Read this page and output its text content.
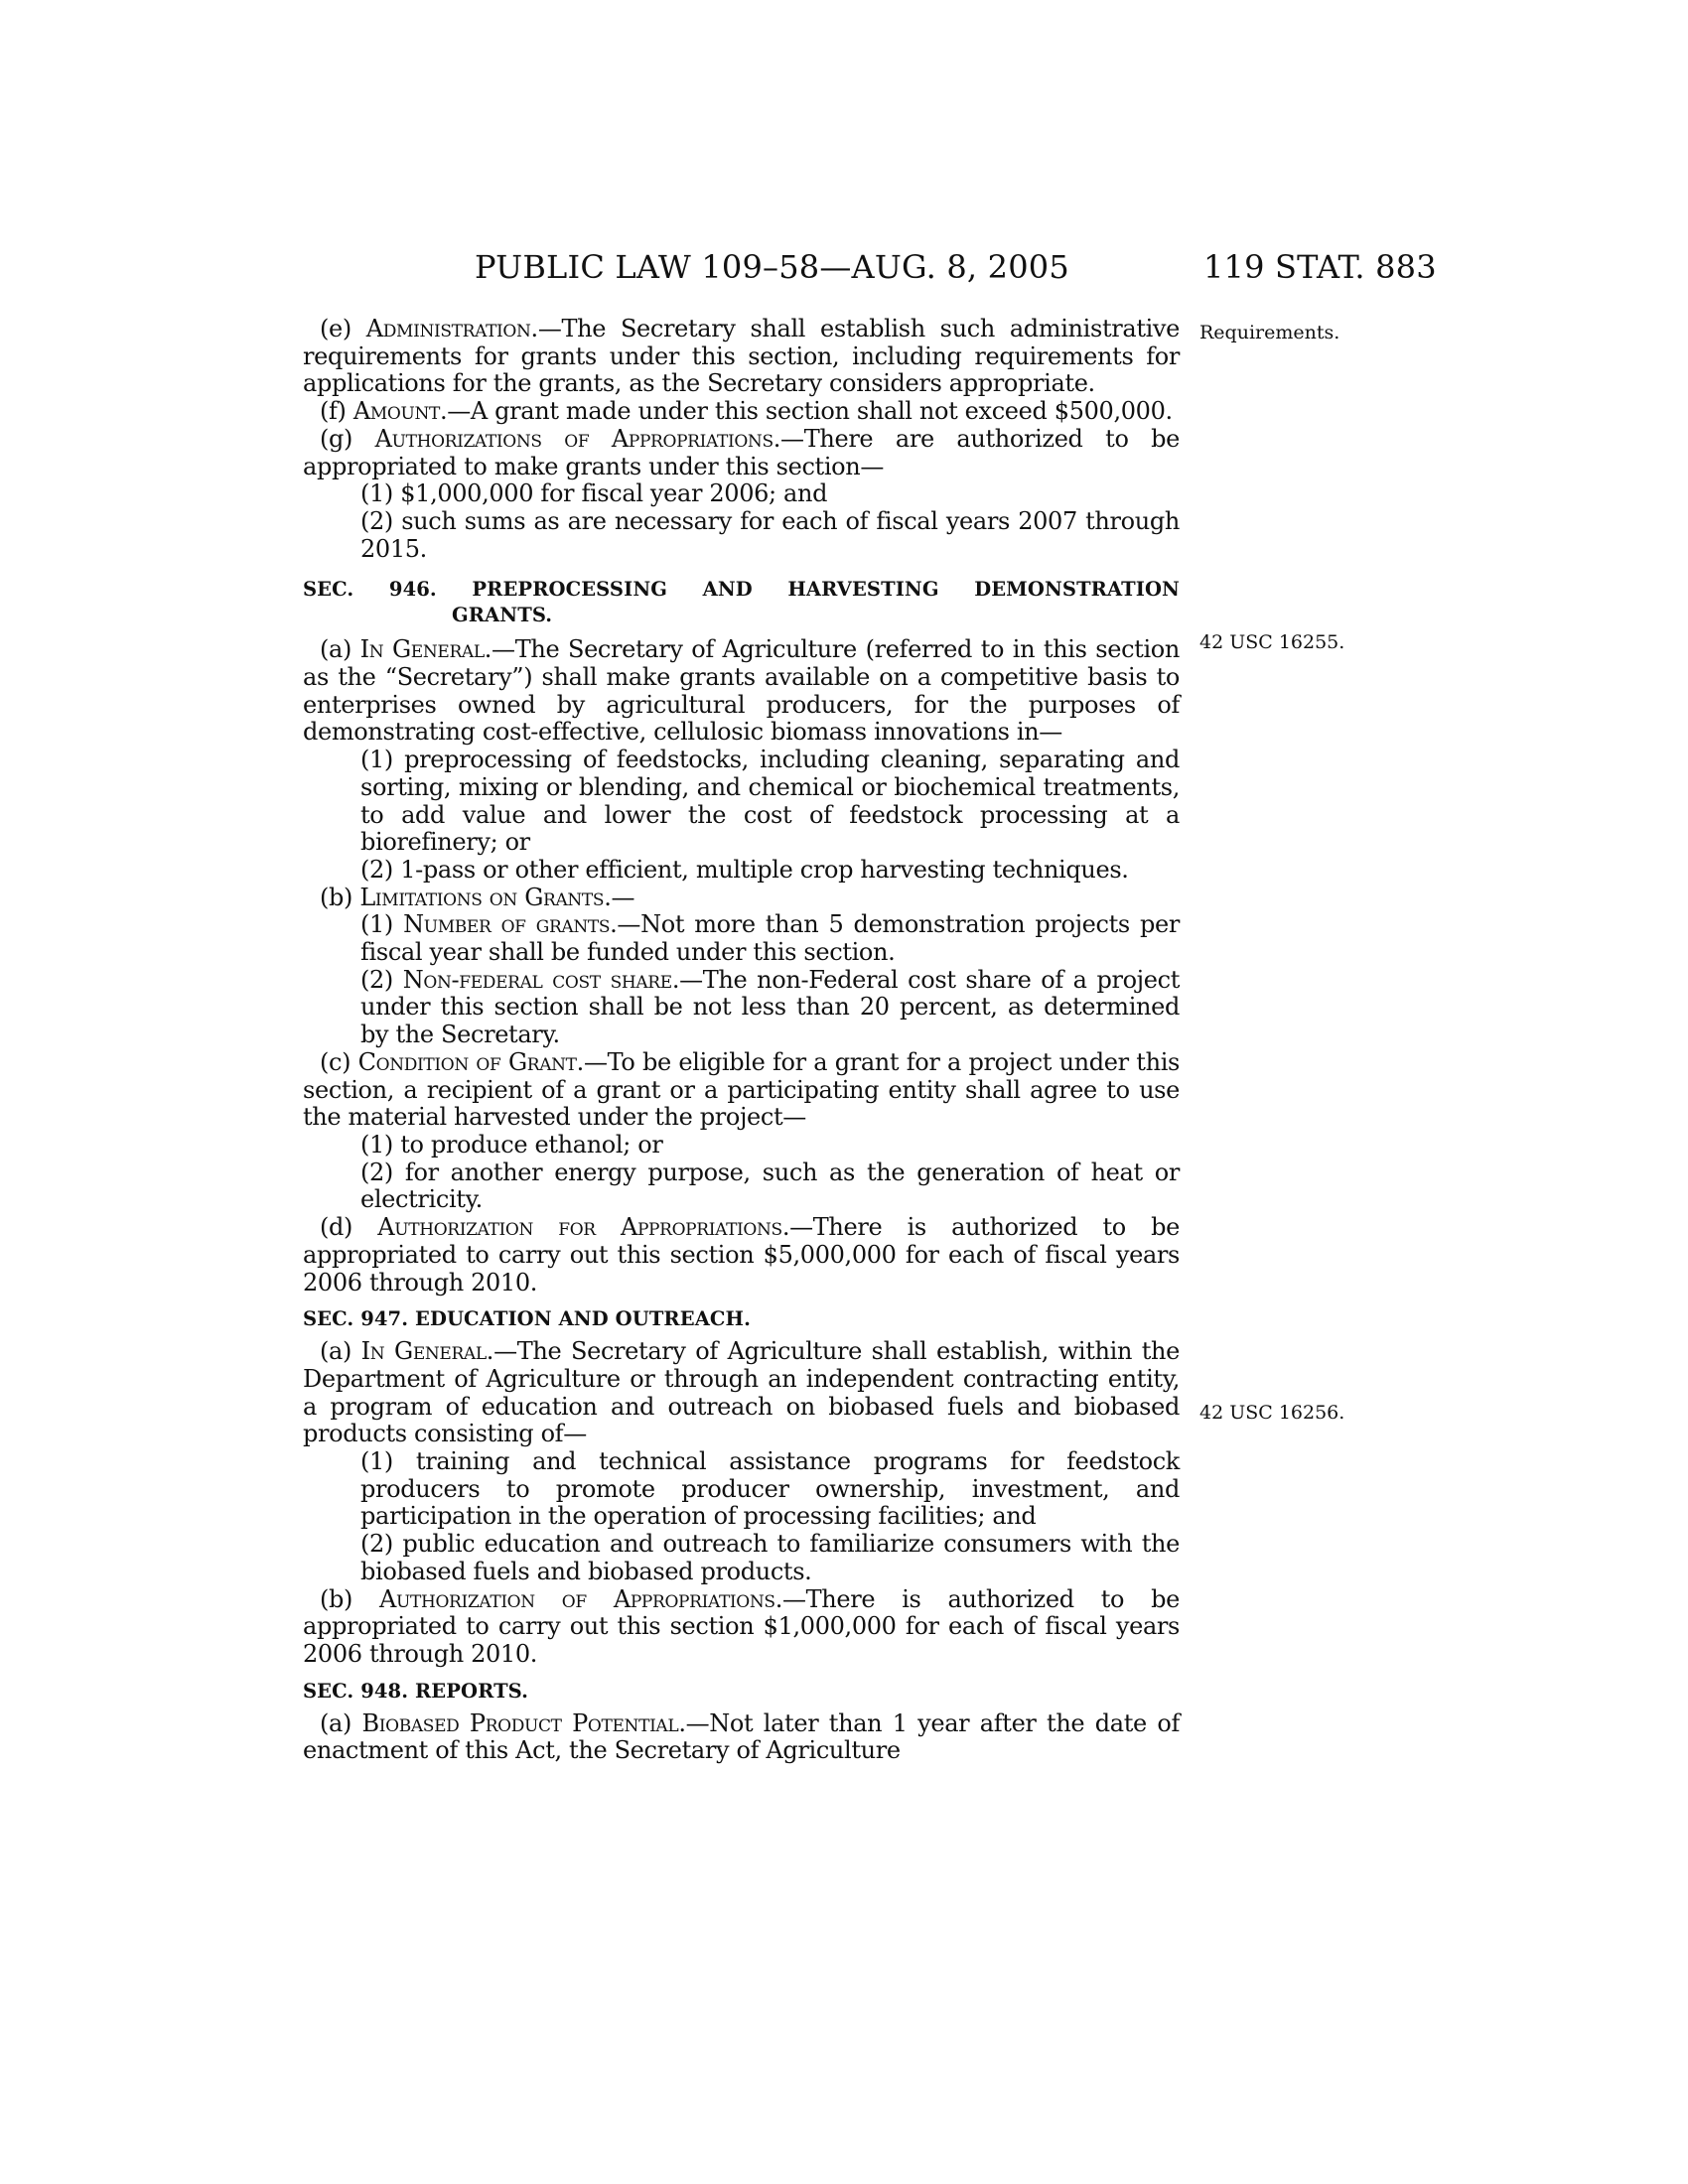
PUBLIC LAW 109–58—AUG. 8, 2005	119 STAT. 883
Requirements.
42 USC 16255.
42 USC 16256.

(e) Administration.—The Secretary shall establish such administrative requirements for grants under this section, including requirements for applications for the grants, as the Secretary considers appropriate.

(f) Amount.—A grant made under this section shall not exceed $500,000.

(g) Authorizations of Appropriations.—There are authorized to be appropriated to make grants under this section—

(1) $1,000,000 for fiscal year 2006; and

(2) such sums as are necessary for each of fiscal years 2007 through 2015.

SEC. 946. PREPROCESSING AND HARVESTING DEMONSTRATION
GRANTS.

(a) In General.—The Secretary of Agriculture (referred to in this section as the “Secretary”) shall make grants available on a competitive basis to enterprises owned by agricultural producers, for the purposes of demonstrating cost-effective, cellulosic biomass innovations in—

(1) preprocessing of feedstocks, including cleaning, separating and sorting, mixing or blending, and chemical or biochemical treatments, to add value and lower the cost of feedstock processing at a biorefinery; or

(2) 1-pass or other efficient, multiple crop harvesting techniques.

(b) Limitations on Grants.—

(1) Number of grants.—Not more than 5 demonstration projects per fiscal year shall be funded under this section.

(2) Non-federal cost share.—The non-Federal cost share of a project under this section shall be not less than 20 percent, as determined by the Secretary.

(c) Condition of Grant.—To be eligible for a grant for a project under this section, a recipient of a grant or a participating entity shall agree to use the material harvested under the project—

(1) to produce ethanol; or

(2) for another energy purpose, such as the generation of heat or electricity.

(d) Authorization for Appropriations.—There is authorized to be appropriated to carry out this section $5,000,000 for each of fiscal years 2006 through 2010.

SEC. 947. EDUCATION AND OUTREACH.

(a) In General.—The Secretary of Agriculture shall establish, within the Department of Agriculture or through an independent contracting entity, a program of education and outreach on biobased fuels and biobased products consisting of—

(1) training and technical assistance programs for feedstock producers to promote producer ownership, investment, and participation in the operation of processing facilities; and

(2) public education and outreach to familiarize consumers with the biobased fuels and biobased products.

(b) Authorization of Appropriations.—There is authorized to be appropriated to carry out this section $1,000,000 for each of fiscal years 2006 through 2010.

SEC. 948. REPORTS.

(a) Biobased Product Potential.—Not later than 1 year after the date of enactment of this Act, the Secretary of Agriculture
